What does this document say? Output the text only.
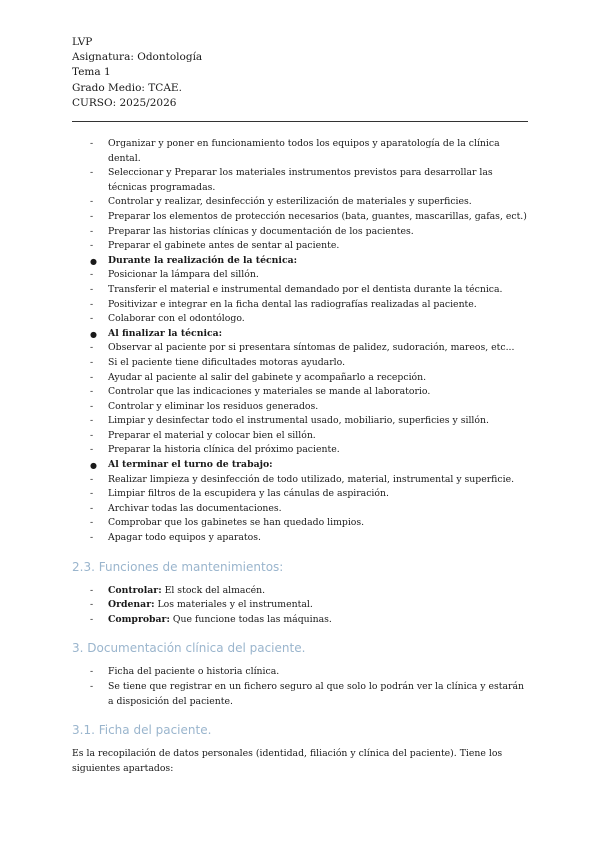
LVP
Asignatura: Odontología
Tema 1
Grado Medio: TCAE.
CURSO: 2025/2026
-	Organizar y poner en funcionamiento todos los equipos y aparatología de la clínica dental.
-	Seleccionar y Preparar los materiales instrumentos previstos para desarrollar las técnicas programadas.
-	Controlar y realizar, desinfección y esterilización de materiales y superficies.
-	Preparar los elementos de protección necesarios (bata, guantes, mascarillas, gafas, ect.)
-	Preparar las historias clínicas y documentación de los pacientes.
-	Preparar el gabinete antes de sentar al paciente.
●	Durante la realización de la técnica:
-	Posicionar la lámpara del sillón.
-	Transferir el material e instrumental demandado por el dentista durante la técnica.
-	Positivizar e integrar en la ficha dental las radiografías realizadas al paciente.
-	Colaborar con el odontólogo.
●	Al finalizar la técnica:
-	Observar al paciente por si presentara síntomas de palidez, sudoración, mareos, etc...
-	Si el paciente tiene dificultades motoras ayudarlo.
-	Ayudar al paciente al salir del gabinete y acompañarlo a recepción.
-	Controlar que las indicaciones y materiales se mande al laboratorio.
-	Controlar y eliminar los residuos generados.
-	Limpiar y desinfectar todo el instrumental usado, mobiliario, superficies y sillón.
-	Preparar el material y colocar bien el sillón.
-	Preparar la historia clínica del próximo paciente.
●	Al terminar el turno de trabajo:
-	Realizar limpieza y desinfección de todo utilizado, material, instrumental y superficie.
-	Limpiar filtros de la escupidera y las cánulas de aspiración.
-	Archivar todas las documentaciones.
-	Comprobar que los gabinetes se han quedado limpios.
-	Apagar todo equipos y aparatos.
2.3. Funciones de mantenimientos:
-	Controlar: El stock del almacén.
-	Ordenar: Los materiales y el instrumental.
-	Comprobar: Que funcione todas las máquinas.
3. Documentación clínica del paciente.
-	Ficha del paciente o historia clínica.
-	Se tiene que registrar en un fichero seguro al que solo lo podrán ver la clínica y estarán a disposición del paciente.
3.1. Ficha del paciente.

Es la recopilación de datos personales (identidad, filiación y clínica del paciente). Tiene los siguientes apartados:
